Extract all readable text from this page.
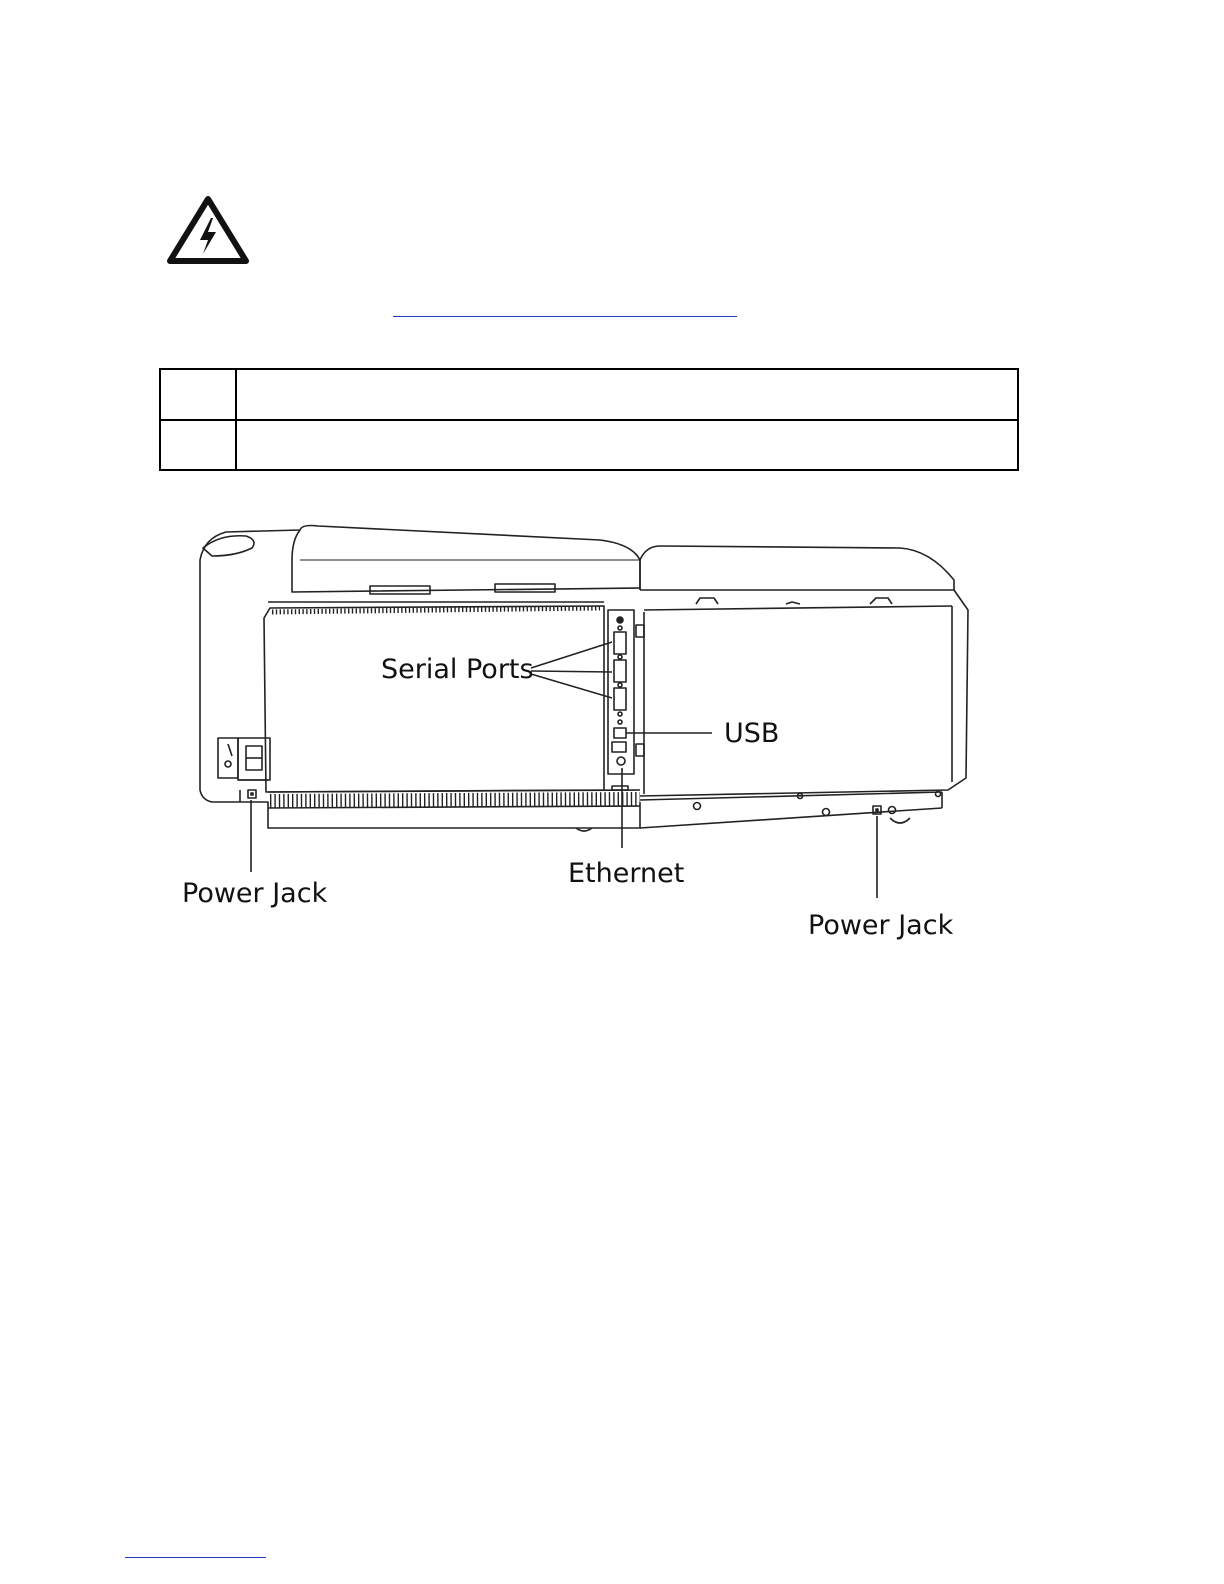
Serial Ports
USB
Ethernet
Power Jack
Power Jack
